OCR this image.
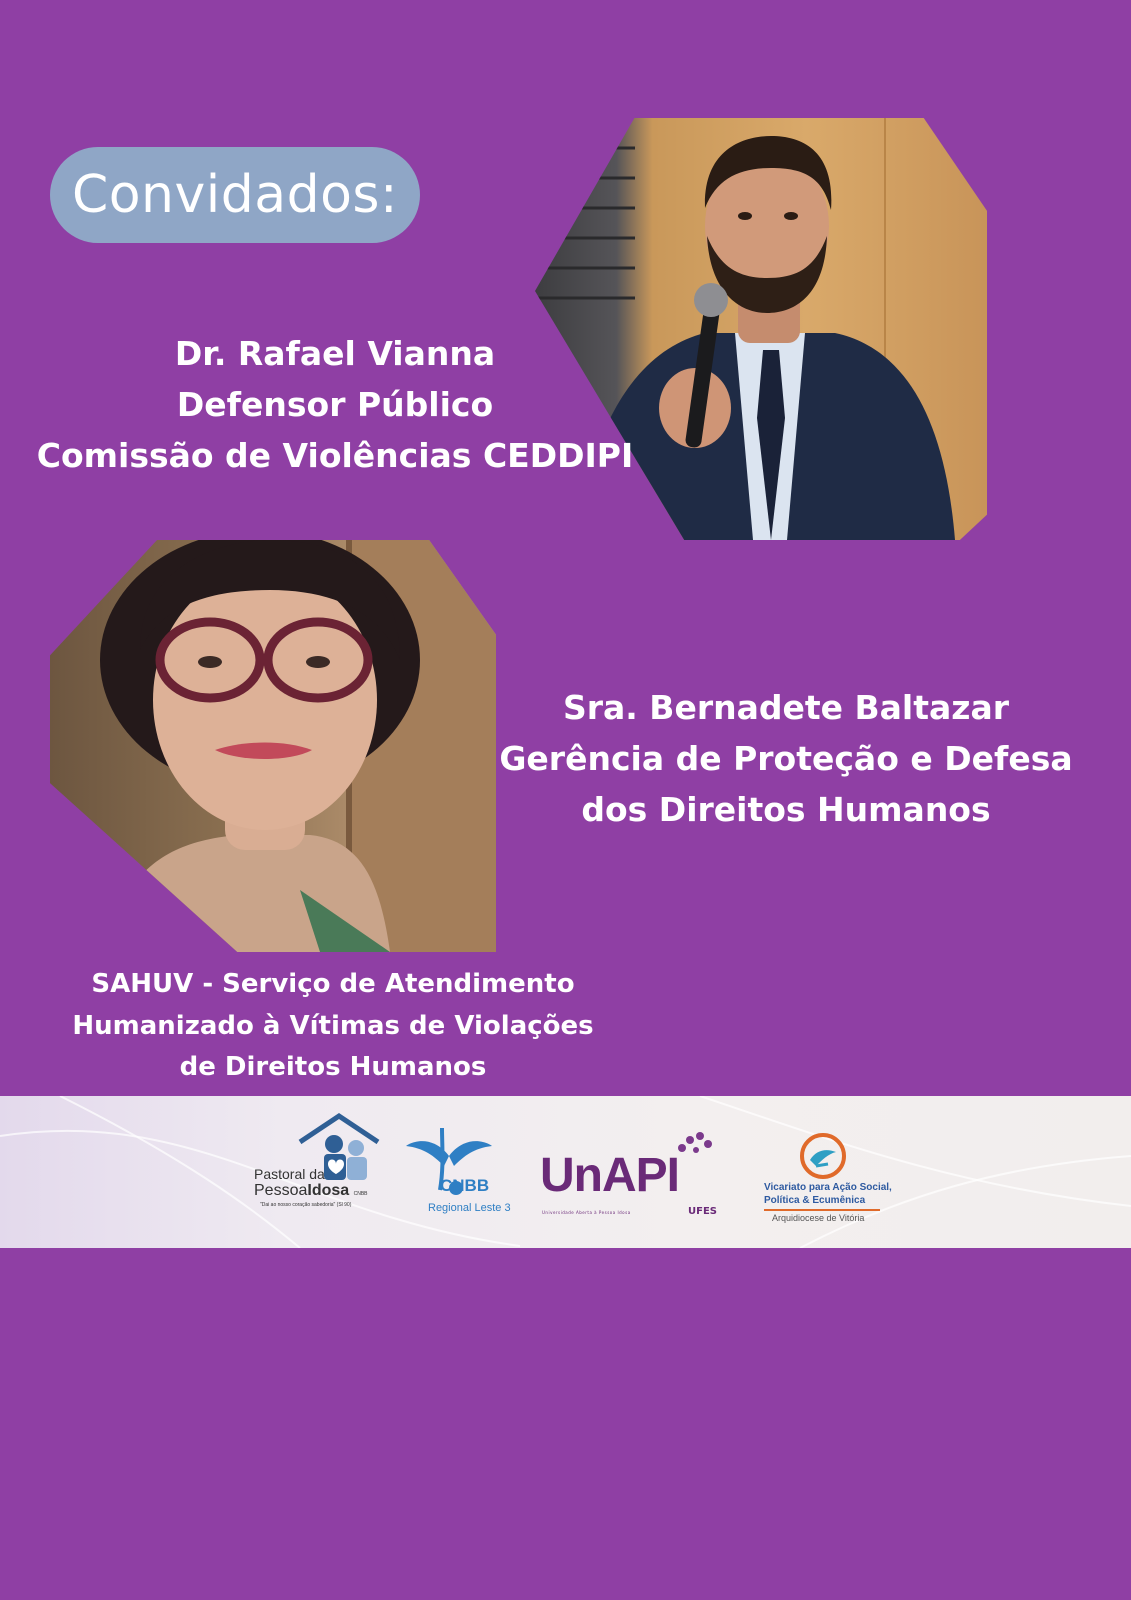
Convidados:
Dr. Rafael Vianna
Defensor Público
Comissão de Violências CEDDIPI
Sra. Bernadete Baltazar
Gerência de Proteção e Defesa
dos Direitos Humanos
SAHUV - Serviço de Atendimento
Humanizado à Vítimas de Violações
de Direitos Humanos
Pastoral da
PessoaIdosa CNBB
"Dai ao nosso coração sabedoria" (Sl 90)
CNBB
Regional Leste 3
UnAPI
Universidade Aberta à Pessoa Idosa	UFES
Vicariato para Ação Social,
Política & Ecumênica
Arquidiocese de Vitória
